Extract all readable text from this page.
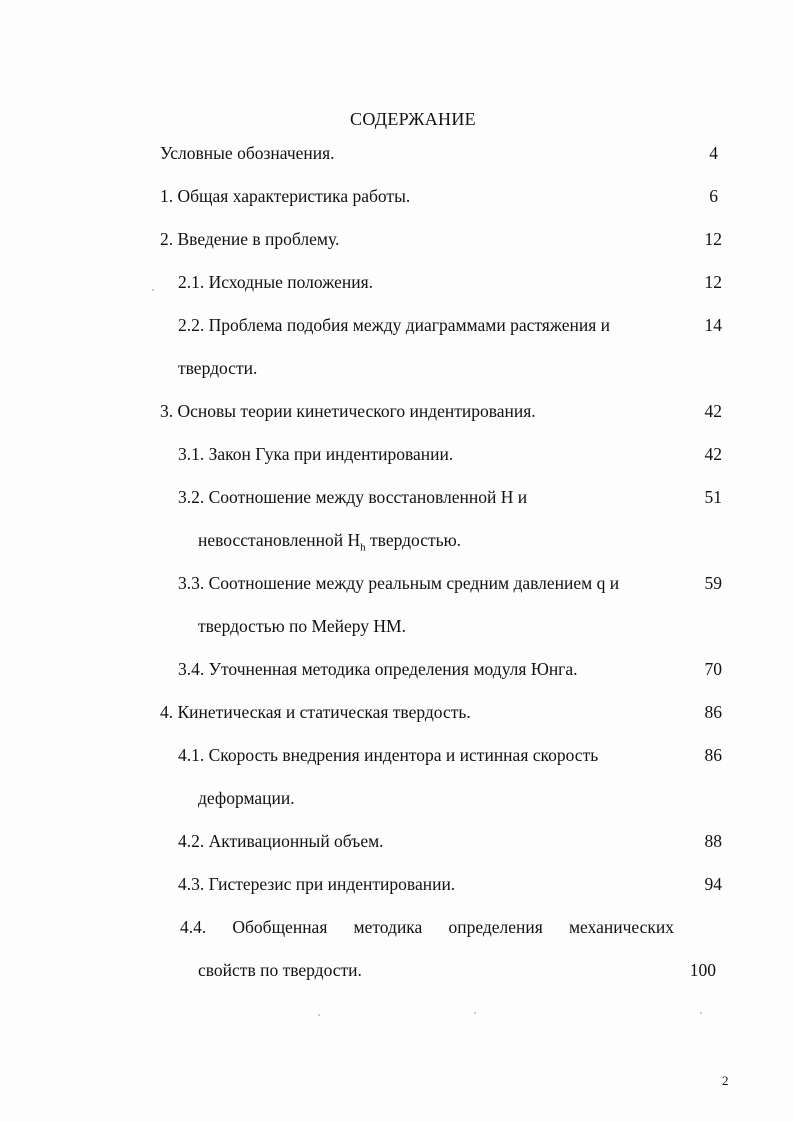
СОДЕРЖАНИЕ
Условные обозначения.	4
1. Общая характеристика работы.	6
2. Введение в проблему.	12
2.1. Исходные положения.	12
2.2. Проблема подобия между диаграммами растяжения и	14
твердости.
3. Основы теории кинетического индентирования.	42
3.1. Закон Гука при индентировании.	42
3.2. Соотношение между восстановленной Н и	51
невосстановленной $Н_h$ твердостью.
3.3. Соотношение между реальным средним давлением q и	59
твердостью по Мейеру НМ.
3.4. Уточненная методика определения модуля Юнга.	70
4. Кинетическая и статическая твердость.	86
4.1. Скорость внедрения индентора и истинная скорость	86
деформации.
4.2. Активационный объем.	88
4.3. Гистерезис при индентировании.	94
4.4. Обобщенная методика определения механических
свойств по твердости.	100
2
